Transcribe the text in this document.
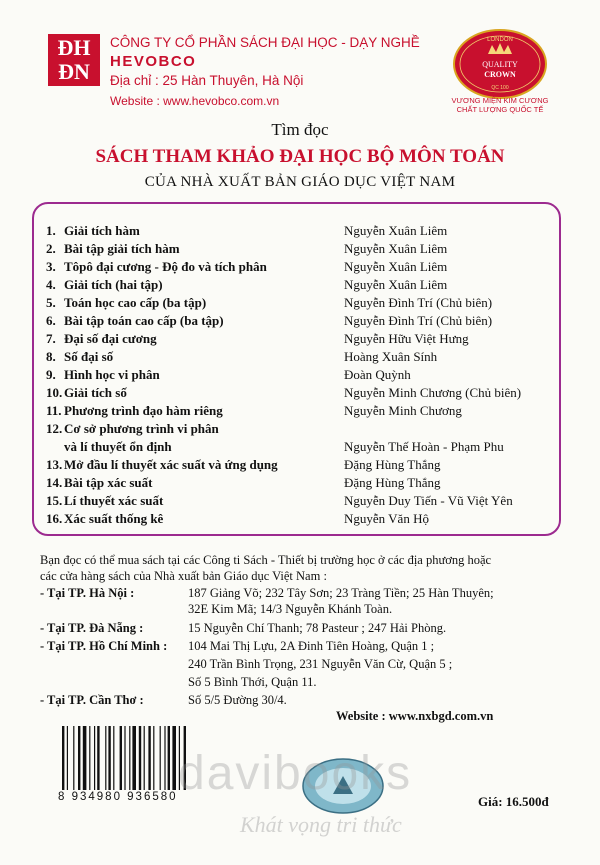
ĐH
ĐN
CÔNG TY CỔ PHẦN SÁCH ĐẠI HỌC - DẠY NGHỀ
HEVOBCO
Địa chỉ : 25 Hàn Thuyên, Hà Nội
Website : www.hevobco.com.vn
LONDON
QUALITY
CROWN
QC 100
VƯƠNG MIỆN KIM CƯƠNG
CHẤT LƯỢNG QUỐC TẾ
Tìm đọc
SÁCH THAM KHẢO ĐẠI HỌC BỘ MÔN TOÁN
CỦA NHÀ XUẤT BẢN GIÁO DỤC VIỆT NAM
1. Giải tích hàm	Nguyễn Xuân Liêm
2. Bài tập giải tích hàm	Nguyễn Xuân Liêm
3. Tôpô đại cương - Độ đo và tích phân	Nguyễn Xuân Liêm
4. Giải tích (hai tập)	Nguyễn Xuân Liêm
5. Toán học cao cấp (ba tập)	Nguyễn Đình Trí (Chủ biên)
6. Bài tập toán cao cấp (ba tập)	Nguyễn Đình Trí (Chủ biên)
7. Đại số đại cương	Nguyễn Hữu Việt Hưng
8. Số đại số	Hoàng Xuân Sính
9. Hình học vi phân	Đoàn Quỳnh
10. Giải tích số	Nguyễn Minh Chương (Chủ biên)
11. Phương trình đạo hàm riêng	Nguyễn Minh Chương
12. Cơ sở phương trình vi phân
và lí thuyết ổn định	Nguyễn Thế Hoàn - Phạm Phu
13. Mở đầu lí thuyết xác suất và ứng dụng	Đặng Hùng Thắng
14. Bài tập xác suất	Đặng Hùng Thắng
15. Lí thuyết xác suất	Nguyễn Duy Tiến - Vũ Việt Yên
16. Xác suất thống kê	Nguyễn Văn Hộ
Bạn đọc có thể mua sách tại các Công ti Sách - Thiết bị trường học ở các địa phương hoặc
các cửa hàng sách của Nhà xuất bản Giáo dục Việt Nam :
- Tại TP. Hà Nội :	187 Giảng Võ; 232 Tây Sơn; 23 Tràng Tiền; 25 Hàn Thuyên;
32E Kim Mã; 14/3 Nguyễn Khánh Toàn.
- Tại TP. Đà Nẵng :	15 Nguyễn Chí Thanh; 78 Pasteur ; 247 Hải Phòng.
- Tại TP. Hồ Chí Minh : 104 Mai Thị Lựu, 2A Đinh Tiên Hoàng, Quận 1 ;
240 Trần Bình Trọng, 231 Nguyễn Văn Cừ, Quận 5 ;
Số 5 Bình Thới, Quận 11.
- Tại TP. Cần Thơ :	Số 5/5 Đường 30/4.
Website : www.nxbgd.com.vn
8 934980 936580 davibooks
Khát vọng tri thức
Giá: 16.500đ
